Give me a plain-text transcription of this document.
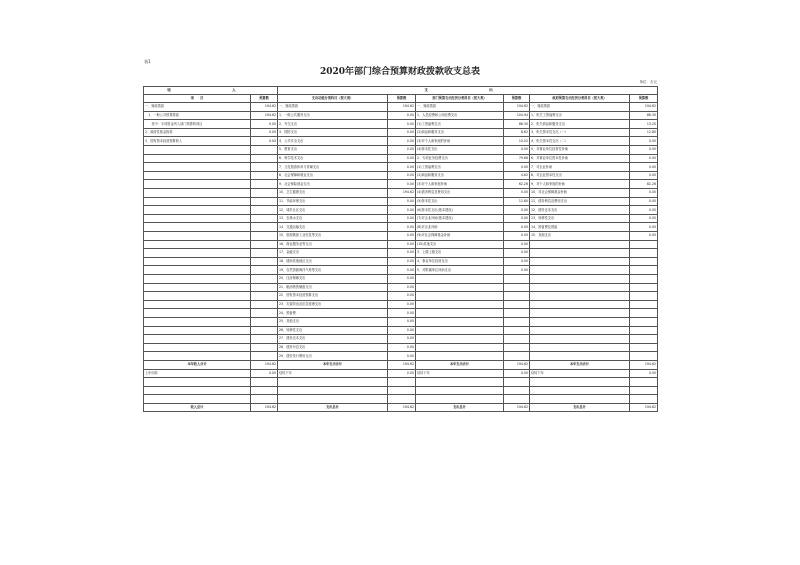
表1
2020年部门综合预算财政拨款收支总表
单位：万元
收　　入		支　　出					
项　　目	预算数	支出功能分类科目（按大类）	预算数	部门预算支出经济分类科目（按大类）	预算数	政府预算支出经济分类科目（按大类）	预算数
一、财政拨款	194.62	一、财政拨款	194.62	一、财政拨款	194.62	一、财政拨款	194.62
　1、一般公共预算拨款	194.62	1、一般公共服务支出	0.00	1、人员经费和公用经费支出	104.94	1、机关工资福利支出	86.30
　　其中：专项资金列入部门预算的项目	0.00	2、外交支出	0.00	(1)工资福利支出	86.30	2、机关商品和服务支出	13.20
2、政府性基金拨款	0.00	3、国防支出	0.00	(2)商品和服务支出	8.62	3、机关资本性支出（一）	12.80
3、国有资本经营预算收入	0.00	4、公共安全支出	0.00	(3)对个人和家庭的补助	10.02	4、机关资本性支出（二）	0.00
		5、教育支出	0.00	(4)资本性支出	0.00	5、对事业单位经常性补助	0.00
		6、科学技术支出	0.00	2、专项业务经费支出	79.68	6、对事业单位资本性补助	0.00
		7、文化旅游体育与传媒支出	0.00	(1)工资福利支出	0.00	7、对企业补助	0.00
		8、社会保障和就业支出	0.00	(2)商品和服务支出	4.62	8、对企业资本性支出	0.00
		9、社会保险基金支出	0.00	(3)对个人和家庭补助	62.26	9、对个人和家庭的补助	82.26
		10、卫生健康支出	194.62	(4)债务利息及费用支出	0.00	10、对社会保障基金补助	0.00
		11、节能环保支出	0.00	(5)资本性支出	12.80	11、债务利息及费用支出	0.00
		12、城乡社区支出	0.00	(6)资本性支出(基本建设)	0.00	12、债务还本支出	0.00
		13、农林水支出	0.00	(7)对企业补助(基本建设)	0.00	13、转移性支出	0.00
		14、交通运输支出	0.00	(8)对企业补助	0.00	14、预备费及预留	0.00
		15、资源勘探工业信息等支出	0.00	(9)对社会保障基金补助	0.00	15、其他支出	0.00
		16、商业服务业等支出	0.00	(10)其他支出	0.00		
		17、金融支出	0.00	3、上缴上级支出	0.00		
		18、援助其他地区支出	0.00	4、事业单位经营支出	0.00		
		19、自然资源海洋气象等支出	0.00	5、对附属单位补助支出	0.00		
		20、住房保障支出	0.00				
		21、粮油物资储备支出	0.00				
		22、国有资本经营预算支出	0.00				
		23、灾害防治及应急管理支出	0.00				
		24、预备费	0.00				
		25、其他支出	0.00				
		26、转移性支出	0.00				
		27、债务还本支出	0.00				
		28、债务付息支出	0.00				
		29、债务发行费用支出	0.00				
本年收入合计	194.62	本年支出合计	194.62	本年支出合计	194.62	本年支出合计	194.62
上年结转	0.00	结转下年	0.00	结转下年	0.00	结转下年	0.00

收入总计	194.62	支出总计	194.62	支出总计	194.62	支出总计	194.62
